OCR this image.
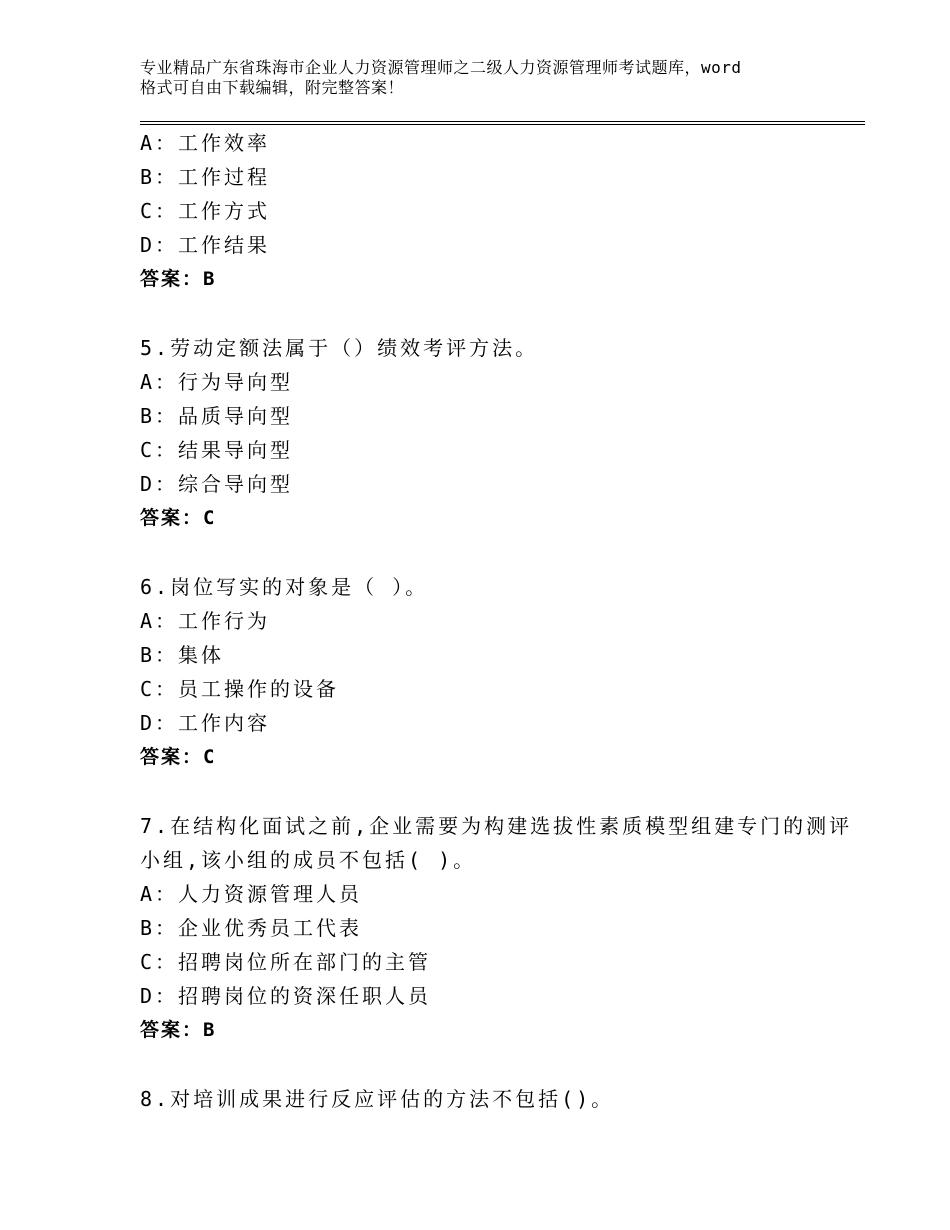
专业精品广东省珠海市企业人力资源管理师之二级人力资源管理师考试题库，word
格式可自由下载编辑，附完整答案！
A：工作效率
B：工作过程
C：工作方式
D：工作结果
答案：B
5.劳动定额法属于（）绩效考评方法。
A：行为导向型
B：品质导向型
C：结果导向型
D：综合导向型
答案：C
6.岗位写实的对象是（ ）。
A：工作行为
B：集体
C：员工操作的设备
D：工作内容
答案：C
7.在结构化面试之前,企业需要为构建选拔性素质模型组建专门的测评
小组,该小组的成员不包括( )。
A：人力资源管理人员
B：企业优秀员工代表
C：招聘岗位所在部门的主管
D：招聘岗位的资深任职人员
答案：B
8.对培训成果进行反应评估的方法不包括()。
